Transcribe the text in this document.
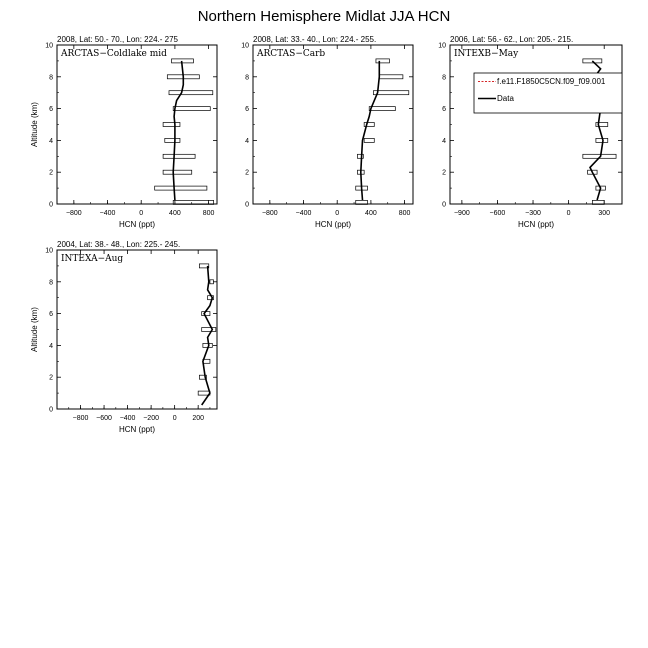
Northern Hemisphere Midlat JJA HCN
2008, Lat: 50.- 70., Lon: 224.- 275
ARCTAS−Coldlake mid
−800	−400	0	400	800
0
2
4
6
8
10
HCN (ppt)
Altitude (km)
2008, Lat: 33.- 40., Lon: 224.- 255.
ARCTAS−Carb
−800	−400	0	400	800
0
2
4
6
8
10
HCN (ppt)
2006, Lat: 56.- 62., Lon: 205.- 215.
INTEXB−May
−900	−600	−300	0	300
0
2
4
6
8
10
HCN (ppt)
f.e11.F1850C5CN.f09_f09.001
Data
2004, Lat: 38.- 48., Lon: 225.- 245.
INTEXA−Aug
−800 −600 −400 −200 0 200
0
2
4
6
8
10
HCN (ppt)
Altitude (km)
